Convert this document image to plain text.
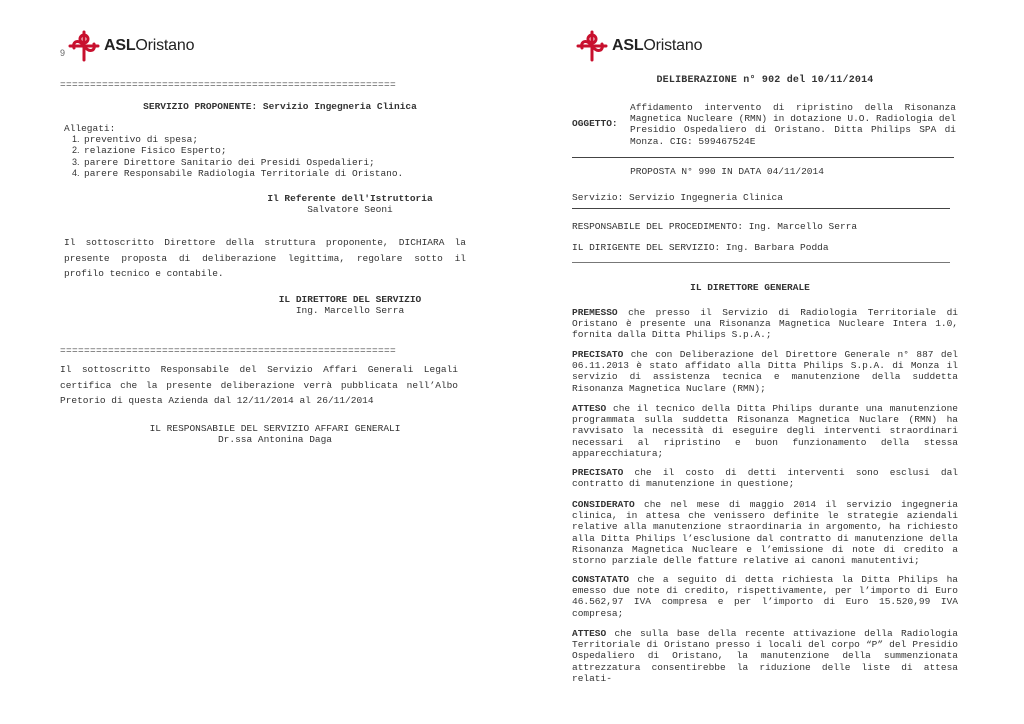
9 ASLOristano
========================================================
SERVIZIO PROPONENTE: Servizio Ingegneria Clinica
Allegati:
1. preventivo di spesa;
2. relazione Fisico Esperto;
3. parere Direttore Sanitario dei Presidi Ospedalieri;
4. parere Responsabile Radiologia Territoriale di Oristano.
Il Referente dell'Istruttoria
Salvatore Seoni
Il sottoscritto Direttore della struttura proponente, DICHIARA la presente proposta di deliberazione legittima, regolare sotto il profilo tecnico e contabile.
IL DIRETTORE DEL SERVIZIO
Ing. Marcello Serra
========================================================
Il sottoscritto Responsabile del Servizio Affari Generali Legali certifica che la presente deliberazione verrà pubblicata nell’Albo Pretorio di questa Azienda dal 12/11/2014 al 26/11/2014
IL RESPONSABILE DEL SERVIZIO AFFARI GENERALI
Dr.ssa Antonina Daga
ASLOristano
DELIBERAZIONE n° 902 del 10/11/2014
OGGETTO:
Affidamento intervento di ripristino della Risonanza Magnetica Nucleare (RMN) in dotazione U.O. Radiologia del Presidio Ospedaliero di Oristano. Ditta Philips SPA di Monza. CIG: 599467524E
PROPOSTA N° 990 IN DATA 04/11/2014
Servizio: Servizio Ingegneria Clinica
RESPONSABILE DEL PROCEDIMENTO: Ing. Marcello Serra
IL DIRIGENTE DEL SERVIZIO: Ing. Barbara Podda
IL DIRETTORE GENERALE
PREMESSO che presso il Servizio di Radiologia Territoriale di Oristano è presente una Risonanza Magnetica Nucleare Intera 1.0, fornita dalla Ditta Philips S.p.A.;
PRECISATO che con Deliberazione del Direttore Generale n° 887 del 06.11.2013 è stato affidato alla Ditta Philips S.p.A. di Monza il servizio di assistenza tecnica e manutenzione della suddetta Risonanza Magnetica Nuclare (RMN);
ATTESO che il tecnico della Ditta Philips durante una manutenzione programmata sulla suddetta Risonanza Magnetica Nuclare (RMN) ha ravvisato la necessità di eseguire degli interventi straordinari necessari al ripristino e buon funzionamento della stessa apparecchiatura;
PRECISATO che il costo di detti interventi sono esclusi dal contratto di manutenzione in questione;
CONSIDERATO che nel mese di maggio 2014 il servizio ingegneria clinica, in attesa che venissero definite le strategie aziendali relative alla manutenzione straordinaria in argomento, ha richiesto alla Ditta Philips l’esclusione dal contratto di manutenzione della Risonanza Magnetica Nucleare e l’emissione di note di credito a storno parziale delle fatture relative ai canoni manutentivi;
CONSTATATO che a seguito di detta richiesta la Ditta Philips ha emesso due note di credito, rispettivamente, per l’importo di Euro 46.562,97 IVA compresa e per l’importo di Euro 15.520,99 IVA compresa;
ATTESO che sulla base della recente attivazione della Radiologia Territoriale di Oristano presso i locali del corpo “P” del Presidio Ospedaliero di Oristano, la manutenzione della summenzionata attrezzatura consentirebbe la riduzione delle liste di attesa relati-
